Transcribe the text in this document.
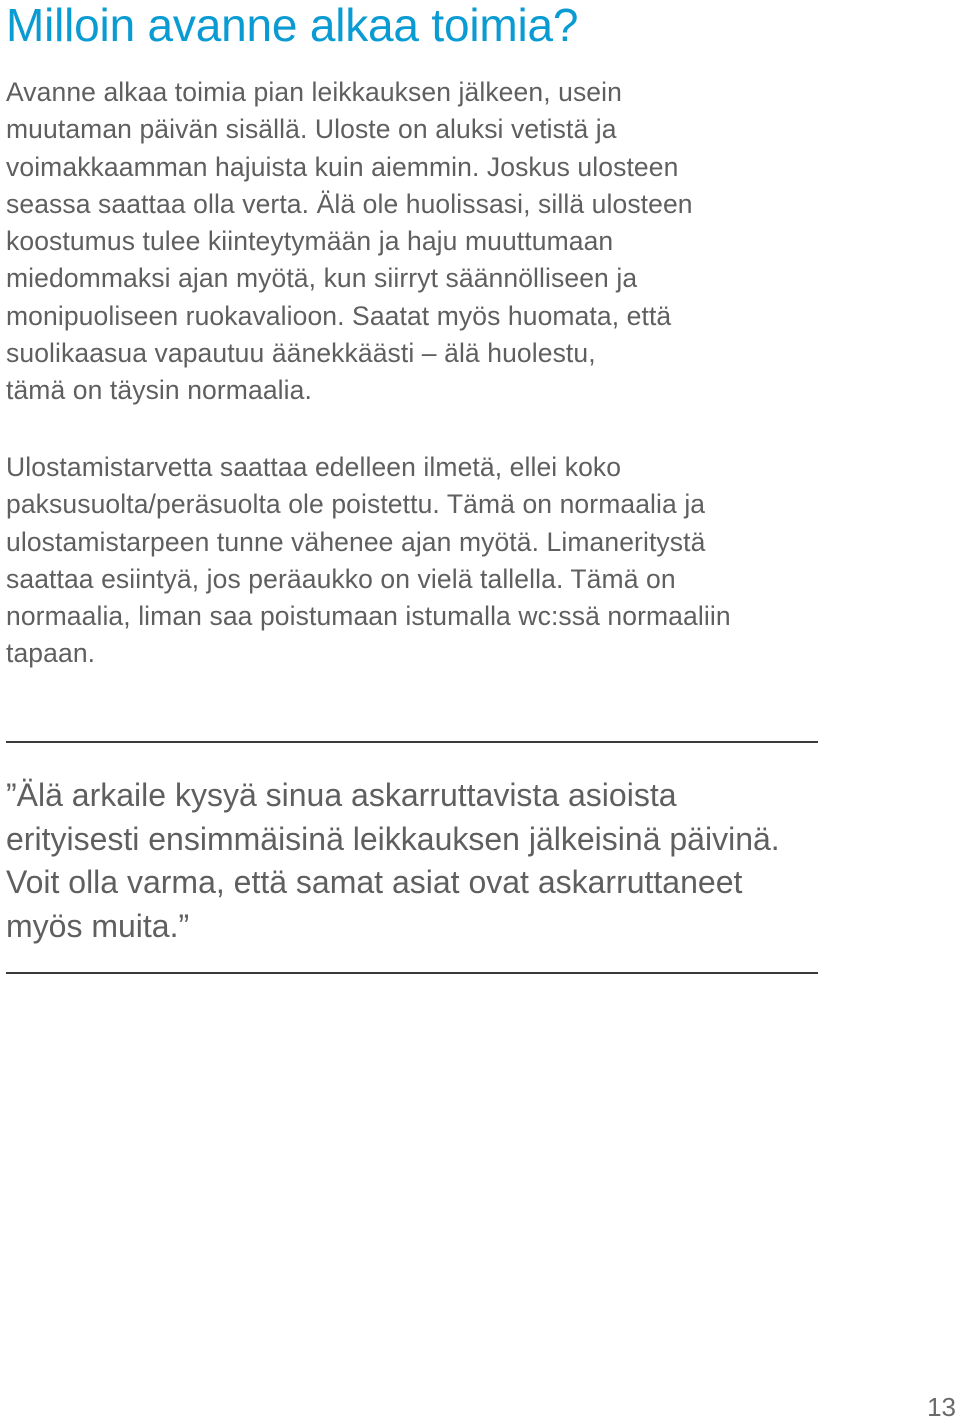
Milloin avanne alkaa toimia?

Avanne alkaa toimia pian leikkauksen jälkeen, usein
muutaman päivän sisällä. Uloste on aluksi vetistä ja
voimakkaamman hajuista kuin aiemmin. Joskus ulosteen
seassa saattaa olla verta. Älä ole huolissasi, sillä ulosteen
koostumus tulee kiinteytymään ja haju muuttumaan
miedommaksi ajan myötä, kun siirryt säännölliseen ja
monipuoliseen ruokavalioon. Saatat myös huomata, että
suolikaasua vapautuu äänekkäästi – älä huolestu,
tämä on täysin normaalia.

Ulostamistarvetta saattaa edelleen ilmetä, ellei koko
paksusuolta/peräsuolta ole poistettu. Tämä on normaalia ja
ulostamistarpeen tunne vähenee ajan myötä. Limaneritystä
saattaa esiintyä, jos peräaukko on vielä tallella. Tämä on
normaalia, liman saa poistumaan istumalla wc:ssä normaaliin
tapaan.

”Älä arkaile kysyä sinua askarruttavista asioista
erityisesti ensimmäisinä leikkauksen jälkeisinä päivinä.
Voit olla varma, että samat asiat ovat askarruttaneet
myös muita.”
13
